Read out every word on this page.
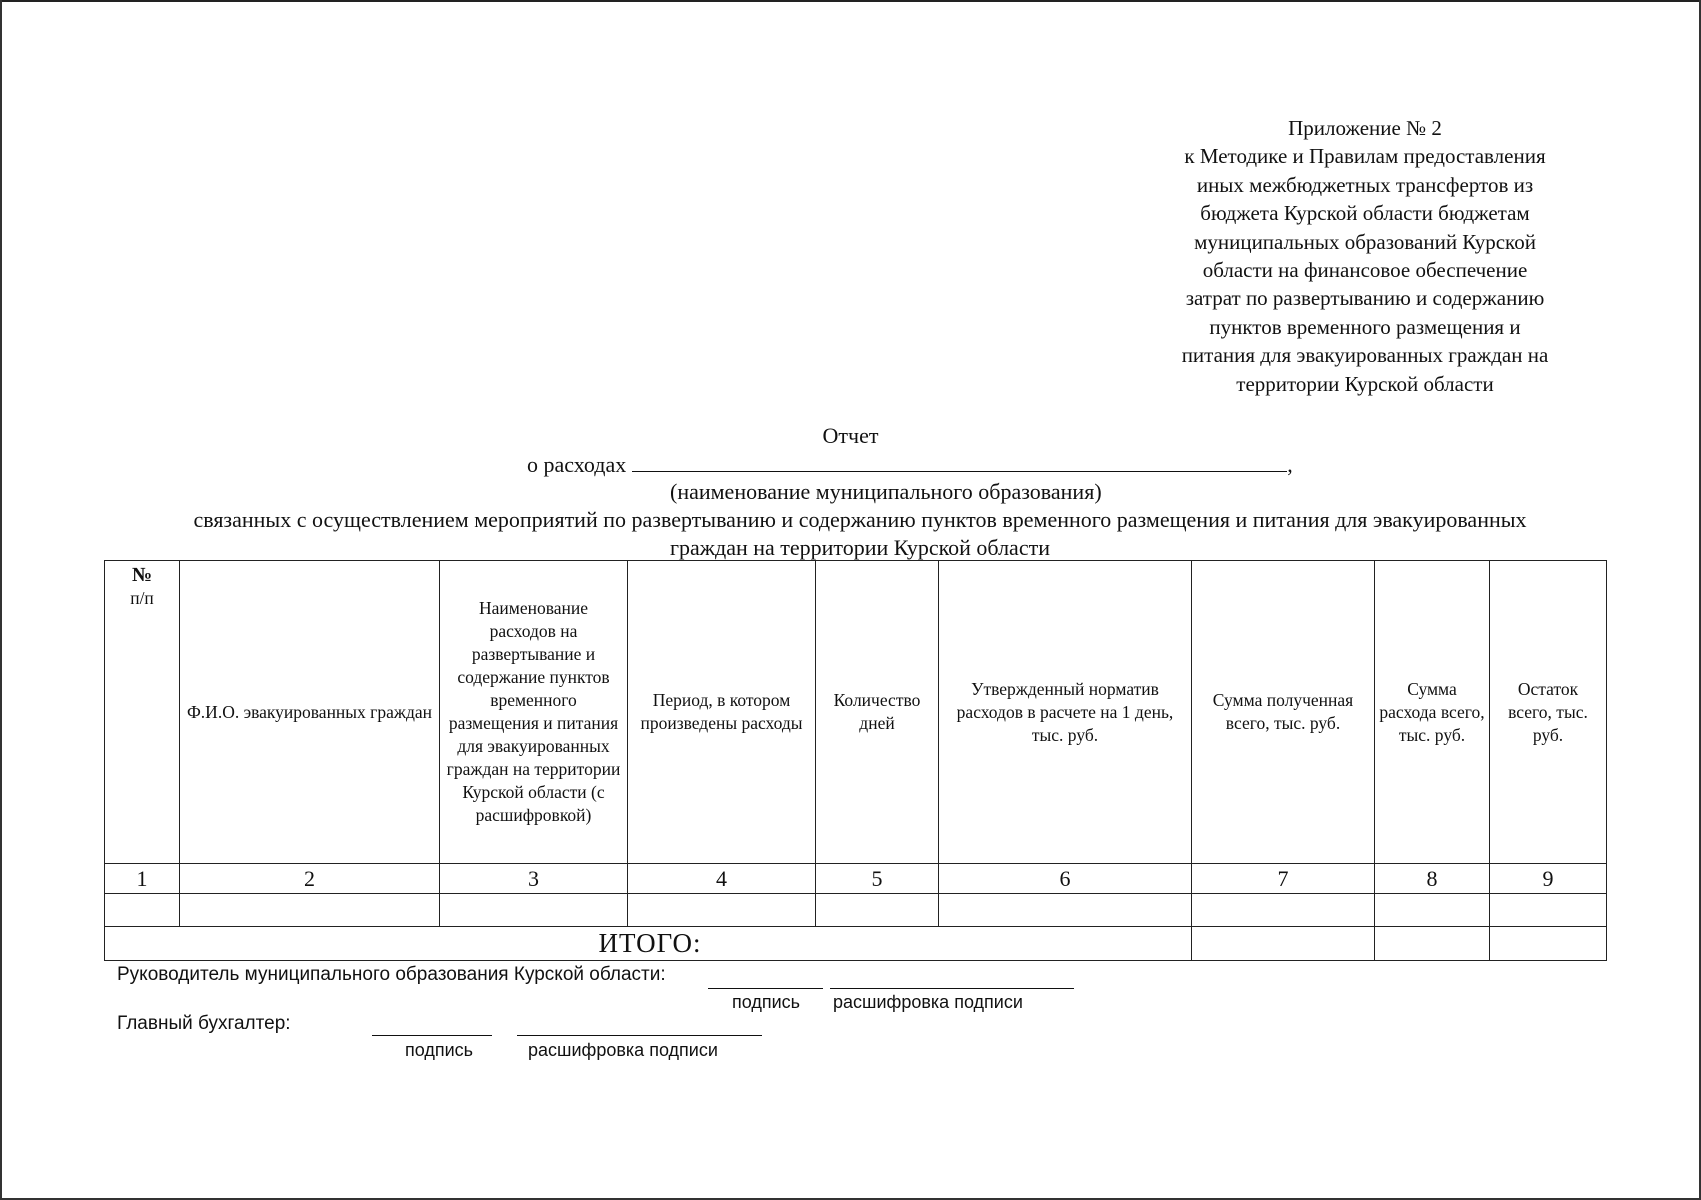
Приложение № 2
к Методике и Правилам предоставления
иных межбюджетных трансфертов из
бюджета Курской области бюджетам
муниципальных образований Курской
области на финансовое обеспечение
затрат по развертыванию и содержанию
пунктов временного размещения и
питания для эвакуированных граждан на
территории Курской области
Отчет
о расходах	,
(наименование муниципального образования)
связанных с осуществлением мероприятий по развертыванию и содержанию пунктов временного размещения и питания для эвакуированных граждан на территории Курской области
№
п/п	Ф.И.О. эвакуированных граждан	Наименование расходов на развертывание и содержание пунктов временного размещения и питания для эвакуированных граждан на территории Курской области (с расшифровкой)	Период, в котором произведены расходы	Количество дней	Утвержденный норматив расходов в расчете на 1 день, тыс. руб.	Сумма полученная всего, тыс. руб.	Сумма расхода всего, тыс. руб.	Остаток всего, тыс. руб.
1	2	3	4	5	6	7	8	9

ИТОГО:								
Руководитель муниципального образования Курской области:
подпись расшифровка подписи
Главный бухгалтер:
подпись	расшифровка подписи
